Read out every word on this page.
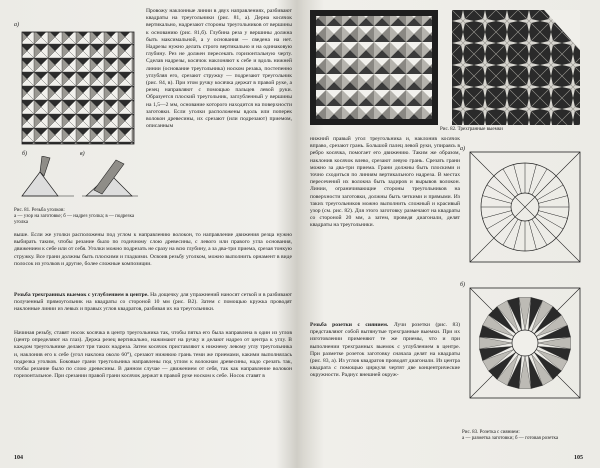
а)
б)	в)

Рис. 81. Резьба уголков:
а — узор на заготовке; б — надрез уголка; в — подрезка уголка

Провожу наклонные линии в двух направлениях, разбивают квадраты на треугольники (рис. 81, а). Дерна косячок вертикально, надрезают стороны треугольников от вершины к основанию (рис. 81,б). Глубина реза у вершины должна быть максимальной, а у основания — сведена на нет. Надрезы нужно делать строго вертикально и на одинаковую глубину. Рез не должен пересекать горизонтальную черту. Сделав надрезы, косячок наклоняют к себе и вдоль нижней линии (основание треугольника) носком резака, постепенно углубляя его, срезают стружку — подрезают треугольник (рис. 84, в). При этом ручку косячка держат в правой руке, а резец направляют с помощью пальцев левой руки. Образуется плоский треугольник, заглубленный у вершины на 1,5—2 мм, основание которого находится на поверхности заготовки. Если уголки расположены вдоль или поперек волокон древесины, их срезают (или подрезают) приемом, описанным

выше. Если же уголки расположены под углом к направлению волокон, то направление движения резца нужно выбирать таким, чтобы резание было по годичному слою древесины, с левого или правого угла основания, движением к себе или от себя. Уголки можно подрезать не сразу на всю глубину, а за два-три приема, срезая тонкую стружку. Все грани должны быть плоскими и гладкими. Освоив резьбу уголком, можно выполнить орнамент в виде полосок из уголков и другие, более сложные композиции.

Резьба трехгранных выемок с углублением в центре. На дощечку для упражнений наносят сеткой и в разбивают полученный прямоугольник на квадраты со стороной 10 мм (рис. В2). Затем с помощью кружка проводят наклонные линии из левых и правых углов квадратов, разбивая их на треугольники.

Начиная резьбу, ставят носок косячка в центр треугольника так, чтобы пятка его была направлена в один из углов (центр определяют на глаз). Держа резец вертикально, нажимают на ручку и делают надрез от центра к углу. В каждом треугольнике делают три таких надреза. Затем косячок приставляют к нижнему левому углу треугольника и, наклонив его к себе (угол наклона около 60°), срезают нижнюю грань теми же приемами, какими выполнялась подрезка уголков. Боковые грани треугольника направлены под углом к волокнам древесины, надо срезать так, чтобы резание было по слою древесины. В данном случае — движением от себя, так как направление волокон горизонтальное. При срезании правой грани косячок держат в правой руке носком к себе. Носок ставят в

104
Рис. 82. Трехгранные выемки

нижний правый угол треугольника и, наклонив косячок вправо, срезают грань. Большой палец левой руки, упираясь в ребро косячка, помогает его движению. Таким же образом, наклонив косячок влево, срезают левую грань. Срезать грани можно за два-три приема. Грани должны быть плоскими и точно сходиться по линиям вертикального надреза. В местах пересечений их волокна быть задиров и вырывов волокон. Линии, ограничивающие стороны треугольников на поверхности заготовки, должны быть четкими и прямыми. Из таких треугольников можно выполнить сложный и красивый узор (см. рис. 82). Для этого заготовку размечают на квадраты со стороной 20 мм, а затем, проведя диагонали, делят квадраты на треугольники.

Резьба розетки с сиянием. Лучи розетки (рис. 83) представляют собой вытянутые трехгранные выемки. При их изготовлении применяют те же приемы, что и при выполнении трехгранных выемок с углублением в центре. При разметке розеток заготовку сначала делят на квадраты (рис. 83, а). Из углов квадратов проводят диагонали. Из центра квадрата с помощью циркуля чертят две концентрические окружности. Радиус внешней окруж-

а)
б)

Рис. 83. Розетка с сиянием:
а — разметка заготовки; б — готовая розетка

105
